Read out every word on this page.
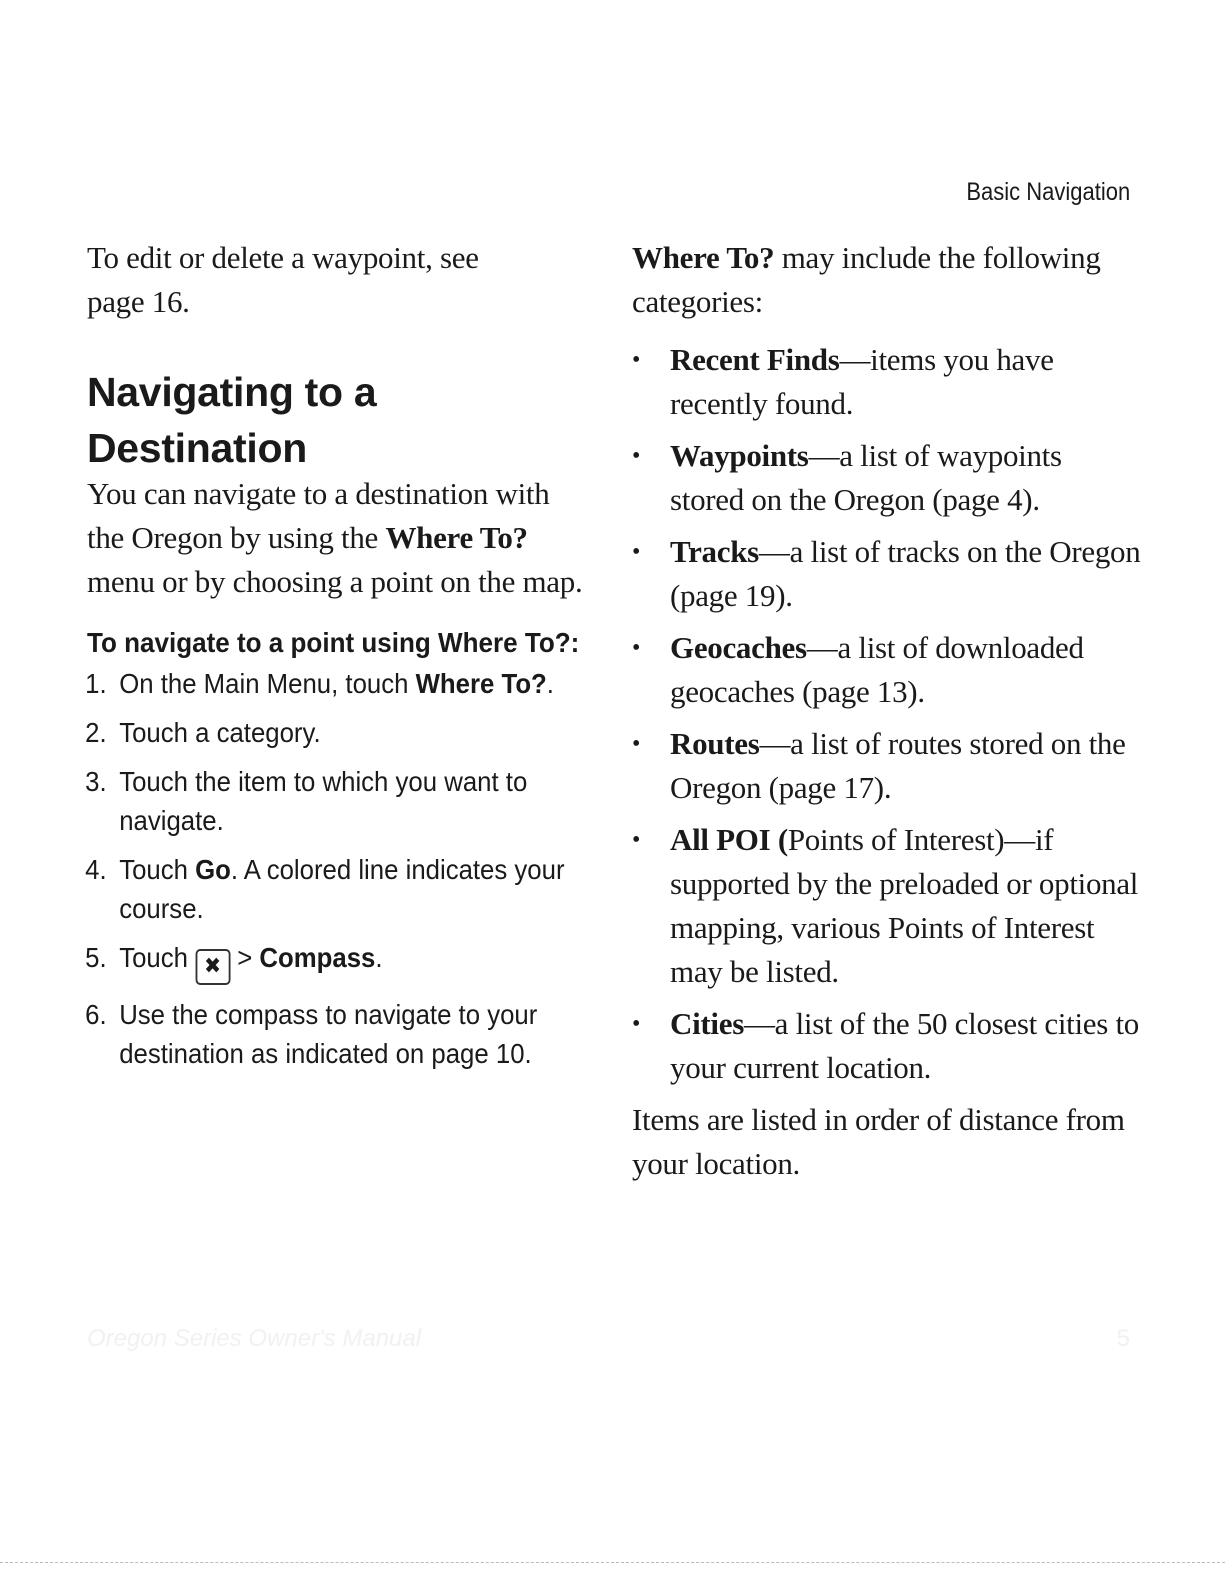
Basic Navigation

To edit or delete a waypoint, see
page 16.

Navigating to a
Destination

You can navigate to a destination with the Oregon by using the Where To? menu or by choosing a point on the map.

To navigate to a point using Where To?:
1. On the Main Menu, touch Where To?.
2. Touch a category.
3. Touch the item to which you want to navigate.
4. Touch Go. A colored line indicates your course.
5. Touch ✖ > Compass.
6. Use the compass to navigate to your destination as indicated on page 10.

Where To? may include the following categories:

• Recent Finds—items you have recently found.
• Waypoints—a list of waypoints stored on the Oregon (page 4).
• Tracks—a list of tracks on the Oregon (page 19).
• Geocaches—a list of downloaded geocaches (page 13).
• Routes—a list of routes stored on the Oregon (page 17).
• All POI (Points of Interest)—if supported by the preloaded or optional mapping, various Points of Interest may be listed.
• Cities—a list of the 50 closest cities to your current location.

Items are listed in order of distance from your location.

Oregon Series Owner's Manual	5
